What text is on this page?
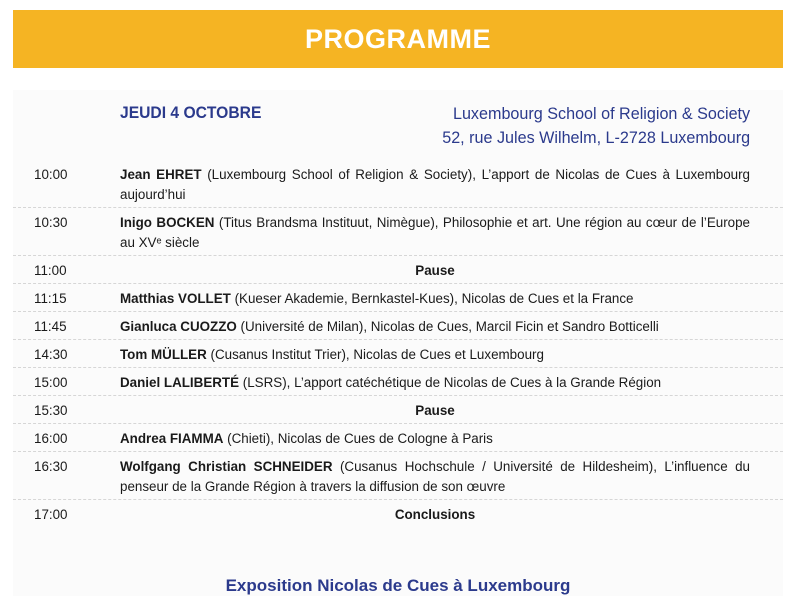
PROGRAMME
JEUDI 4 OCTOBRE	Luxembourg School of Religion & Society
52, rue Jules Wilhelm, L-2728 Luxembourg
10:00	Jean EHRET (Luxembourg School of Religion & Society), L’apport de Nicolas de Cues à Luxembourg aujourd’hui
10:30	Inigo BOCKEN (Titus Brandsma Instituut, Nimègue), Philosophie et art. Une région au cœur de l’Europe au XVᵉ siècle
11:00	Pause
11:15	Matthias VOLLET (Kueser Akademie, Bernkastel-Kues), Nicolas de Cues et la France
11:45	Gianluca CUOZZO (Université de Milan), Nicolas de Cues, Marcil Ficin et Sandro Botticelli
14:30	Tom MÜLLER (Cusanus Institut Trier), Nicolas de Cues et Luxembourg
15:00	Daniel LALIBERTÉ (LSRS), L’apport catéchétique de Nicolas de Cues à la Grande Région
15:30	Pause
16:00	Andrea FIAMMA (Chieti), Nicolas de Cues de Cologne à Paris
16:30	Wolfgang Christian SCHNEIDER (Cusanus Hochschule / Université de Hildesheim), L’influence du penseur de la Grande Région à travers la diffusion de son œuvre
17:00	Conclusions
Exposition Nicolas de Cues à Luxembourg
